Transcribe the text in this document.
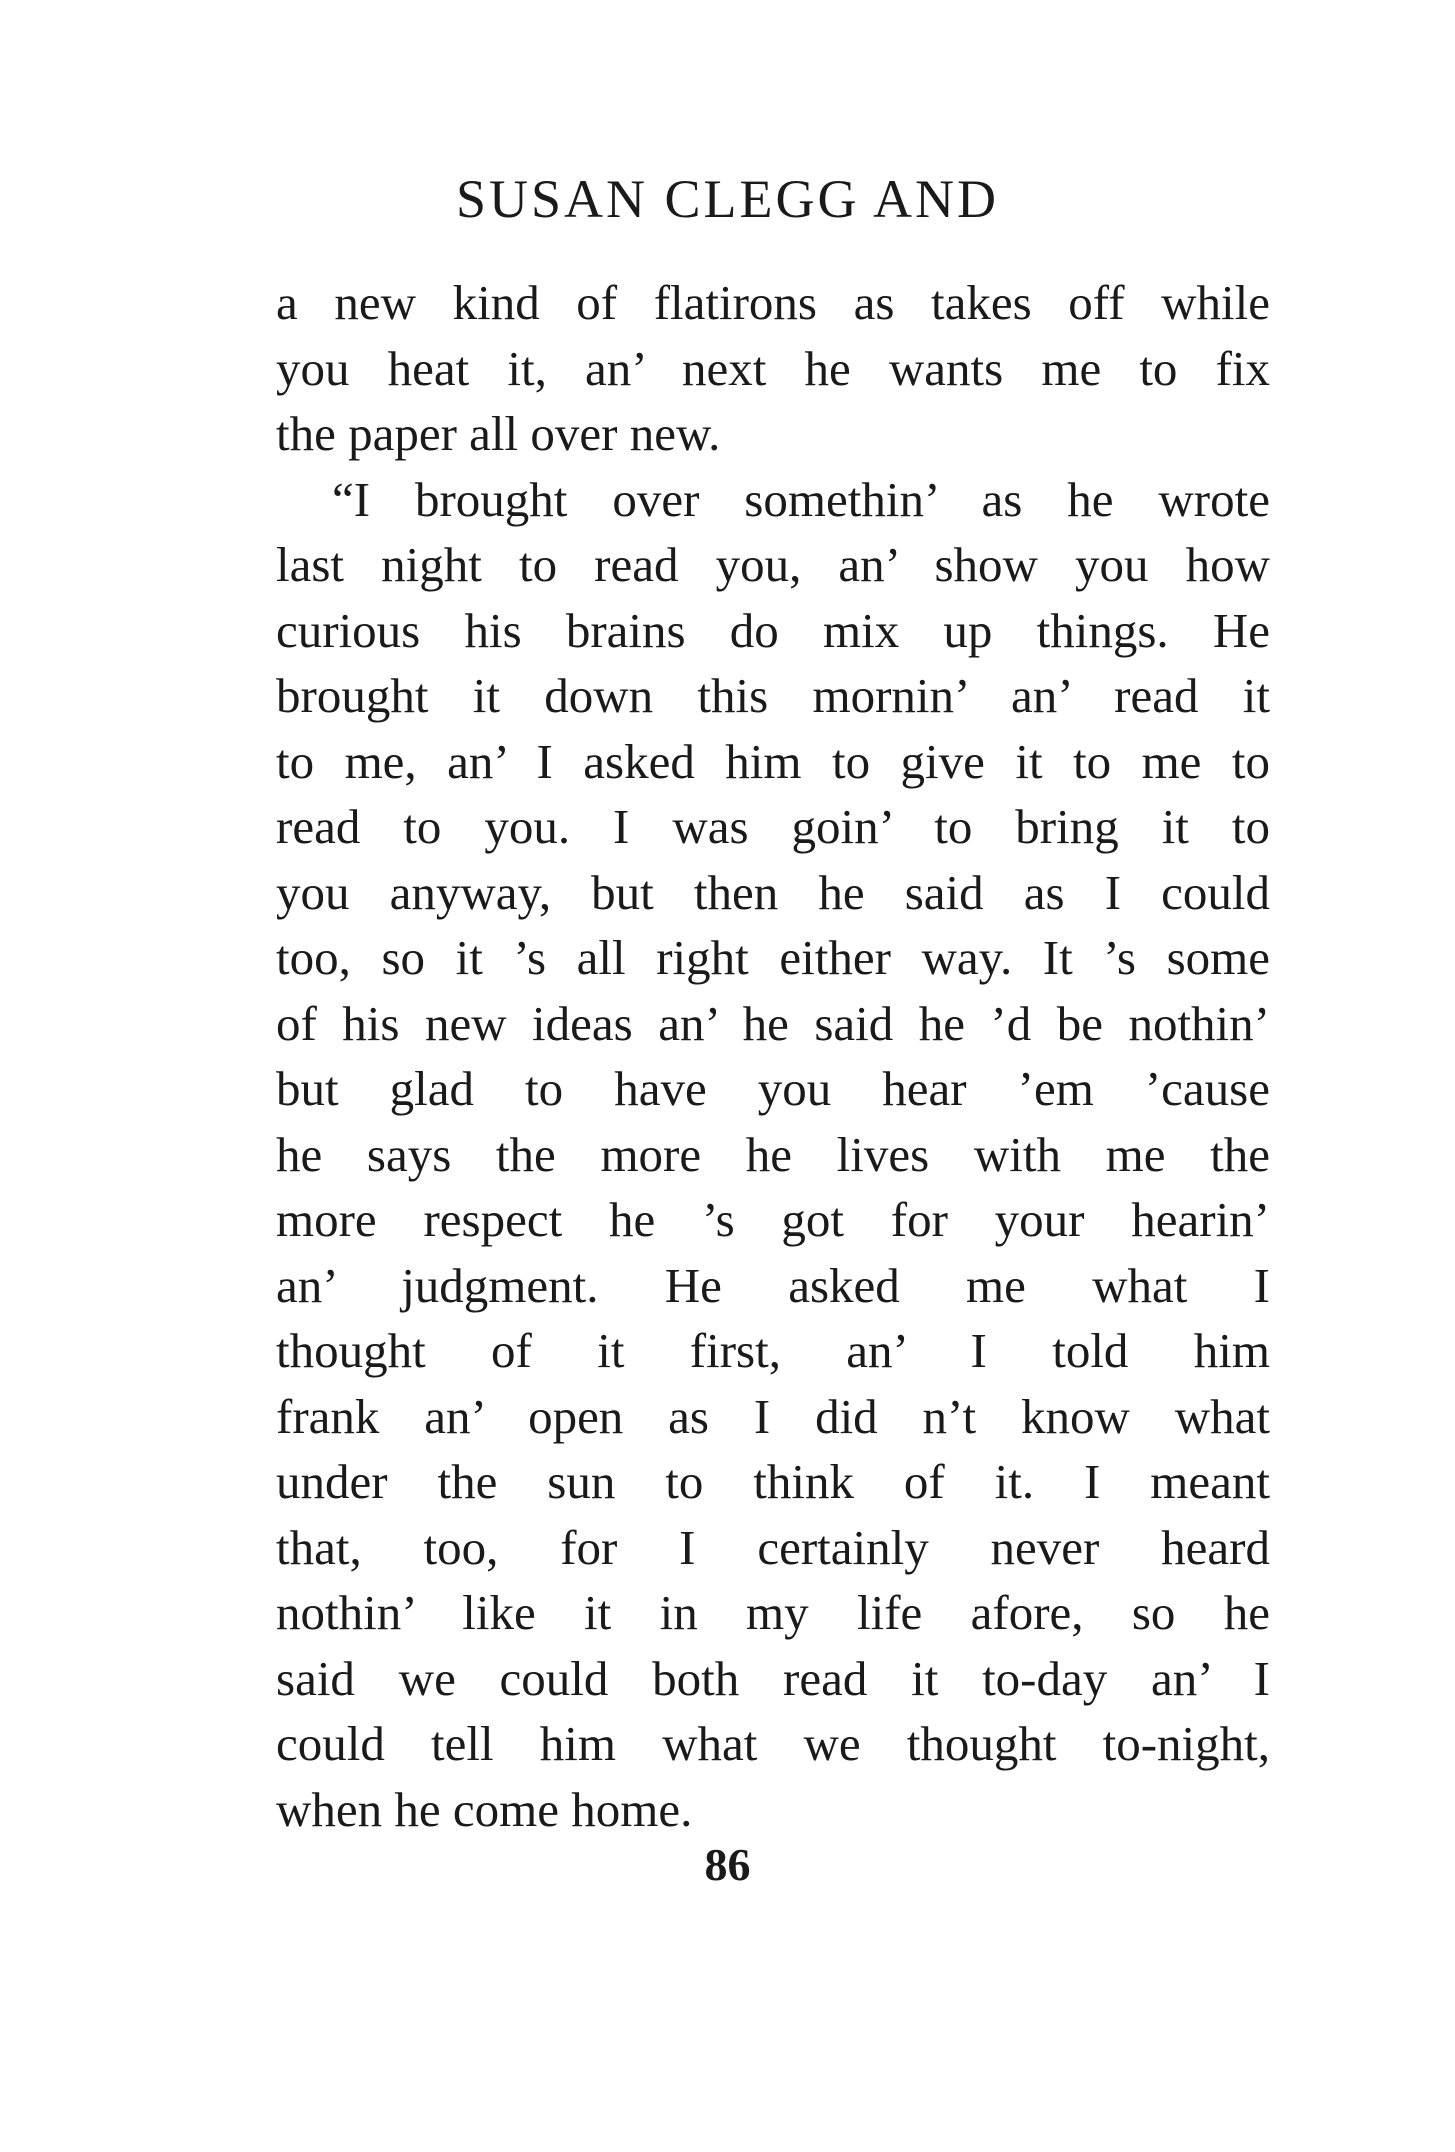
SUSAN CLEGG AND
a new kind of flatirons as takes off while
you heat it, an’ next he wants me to fix
the paper all over new.
“I brought over somethin’ as he wrote
last night to read you, an’ show you how
curious his brains do mix up things. He
brought it down this mornin’ an’ read it
to me, an’ I asked him to give it to me to
read to you. I was goin’ to bring it to
you anyway, but then he said as I could
too, so it ’s all right either way. It ’s some
of his new ideas an’ he said he ’d be nothin’
but glad to have you hear ’em ’cause
he says the more he lives with me the
more respect he ’s got for your hearin’
an’ judgment. He asked me what I
thought of it first, an’ I told him
frank an’ open as I did n’t know what
under the sun to think of it. I meant
that, too, for I certainly never heard
nothin’ like it in my life afore, so he
said we could both read it to-day an’ I
could tell him what we thought to-night,
when he come home.
86
